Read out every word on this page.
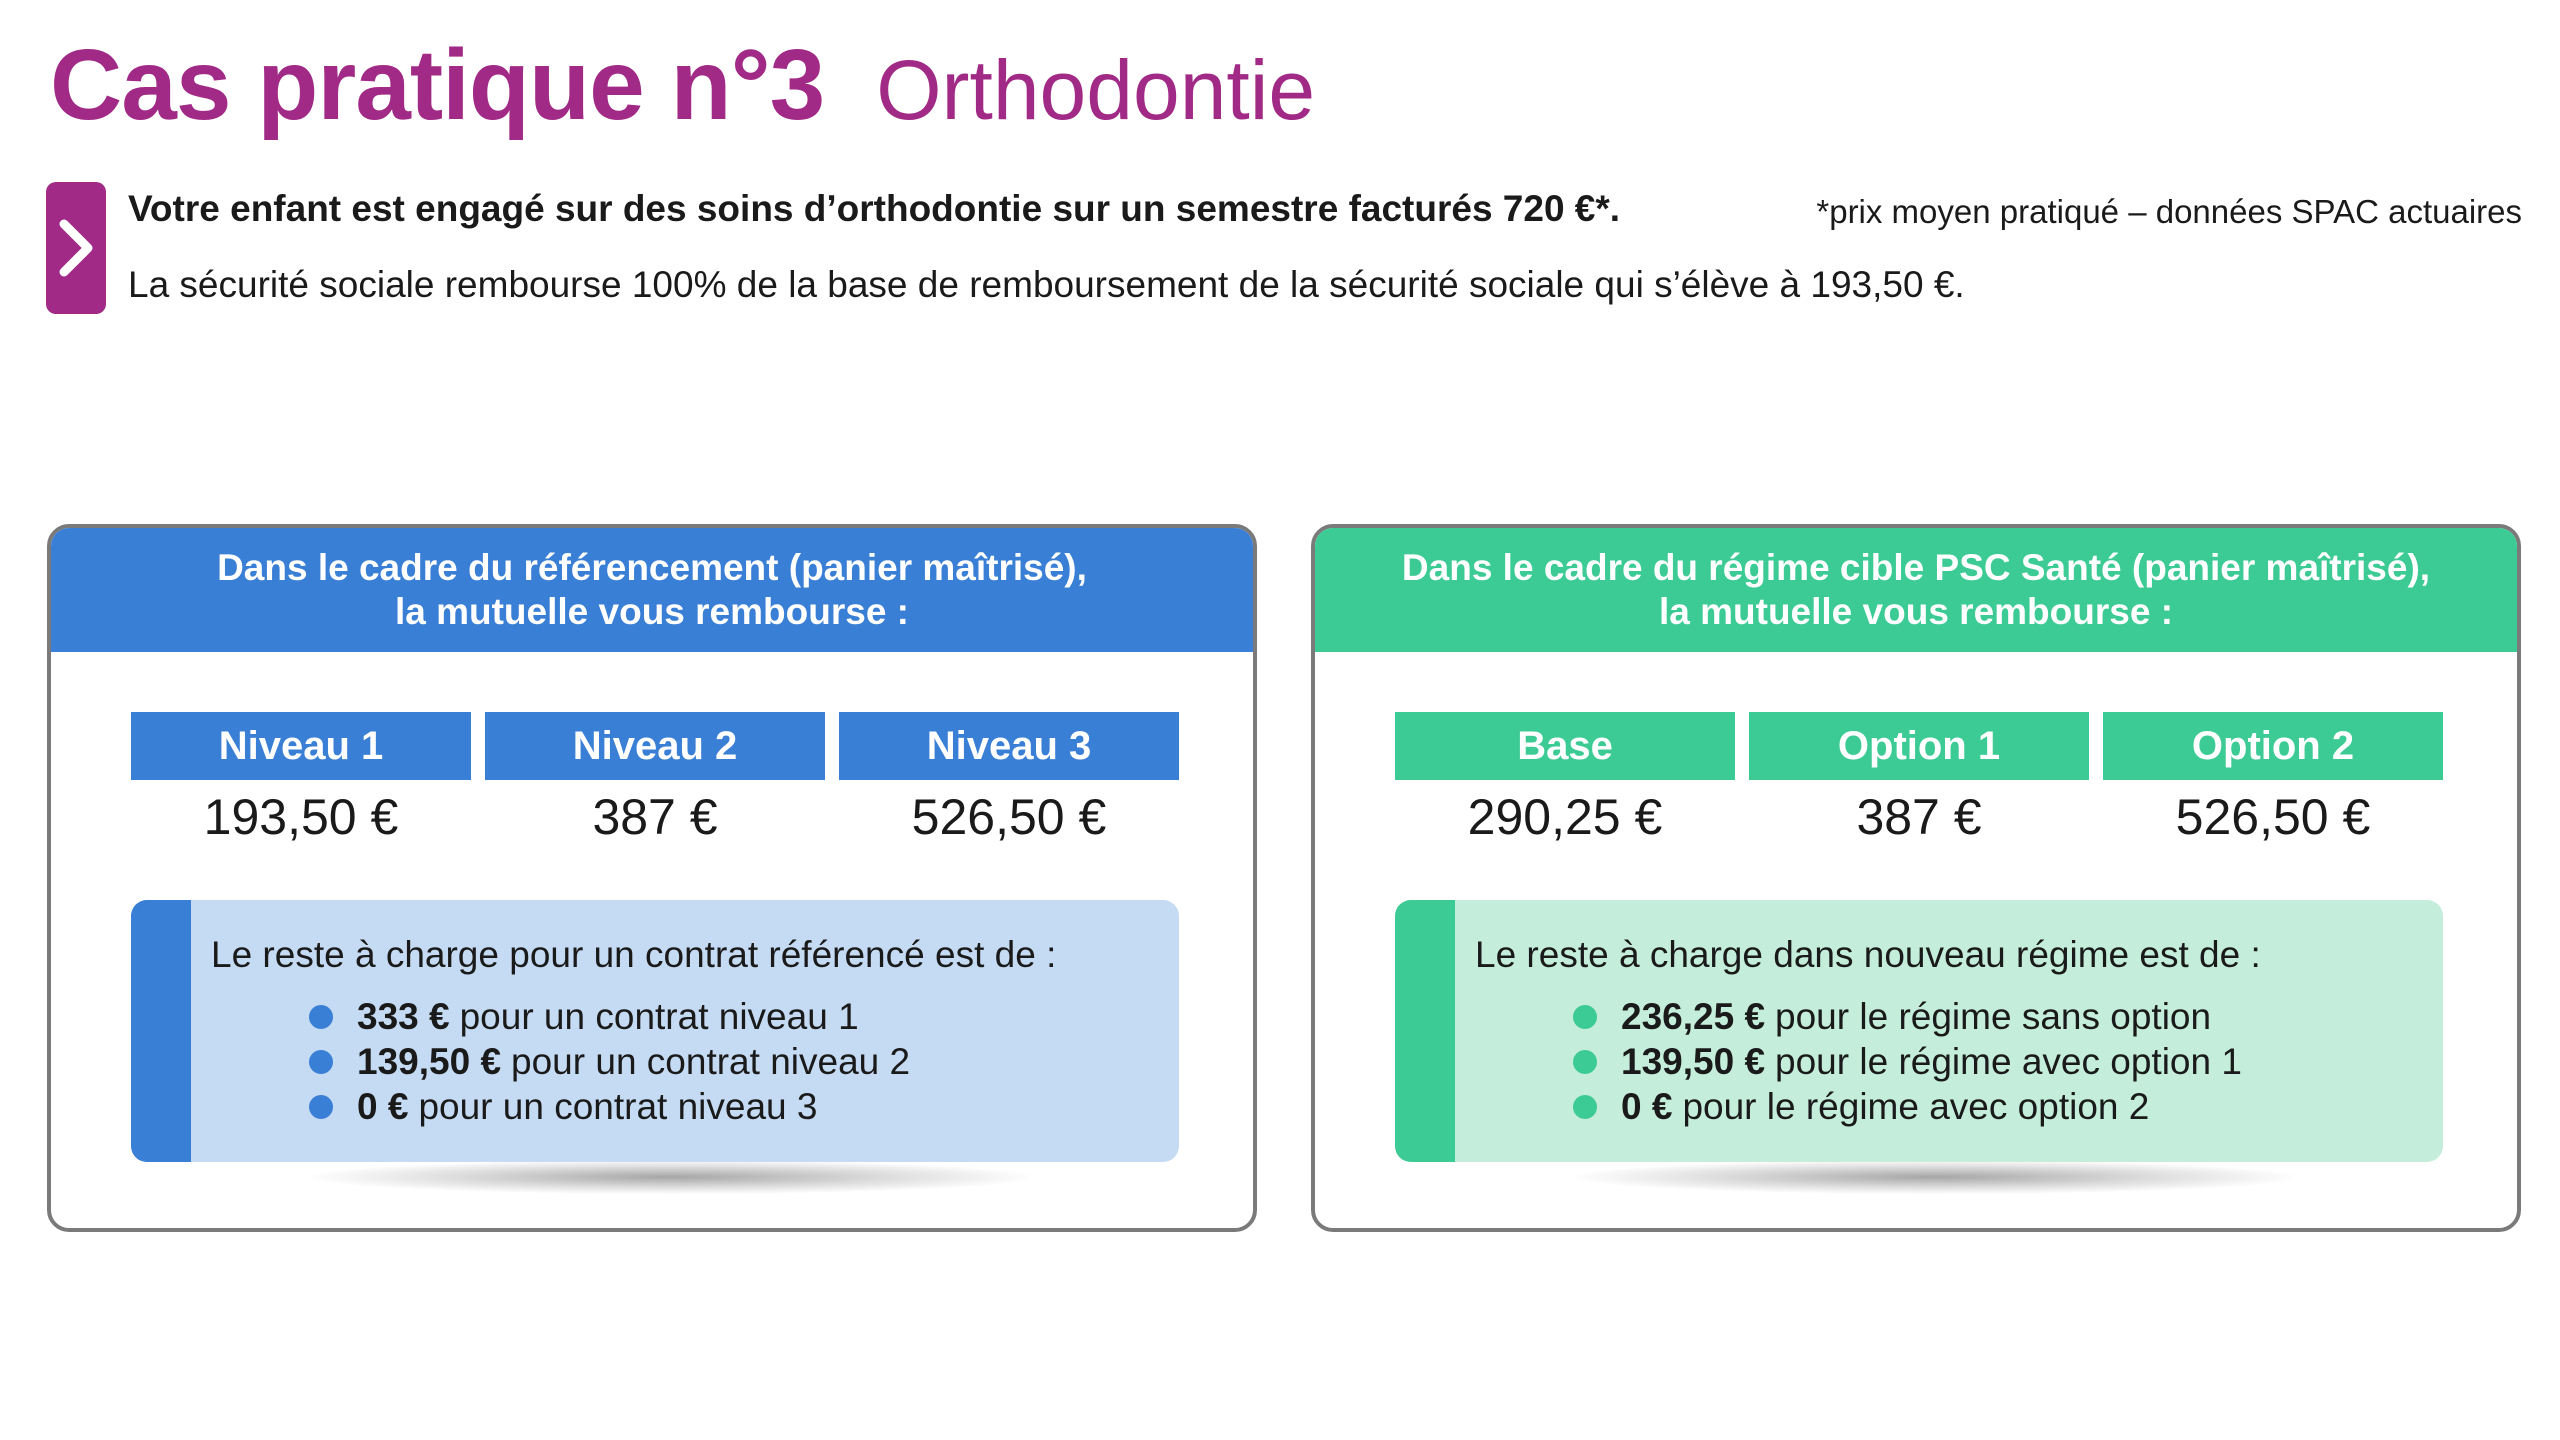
Cas pratique n°3 Orthodontie
Votre enfant est engagé sur des soins d’orthodontie sur un semestre facturés 720 €*.	*prix moyen pratiqué – données SPAC actuaires
La sécurité sociale rembourse 100% de la base de remboursement de la sécurité sociale qui s’élève à 193,50 €.
Dans le cadre du référencement (panier maîtrisé),
la mutuelle vous rembourse :
Niveau 1
193,50 €
Niveau 2
387 €
Niveau 3
526,50 €
Le reste à charge pour un contrat référencé est de :
333 € pour un contrat niveau 1
139,50 € pour un contrat niveau 2
0 € pour un contrat niveau 3
Dans le cadre du régime cible PSC Santé (panier maîtrisé),
la mutuelle vous rembourse :
Base
290,25 €
Option 1
387 €
Option 2
526,50 €
Le reste à charge dans nouveau régime est de :
236,25 € pour le régime sans option
139,50 € pour le régime avec option 1
0 € pour le régime avec option 2
